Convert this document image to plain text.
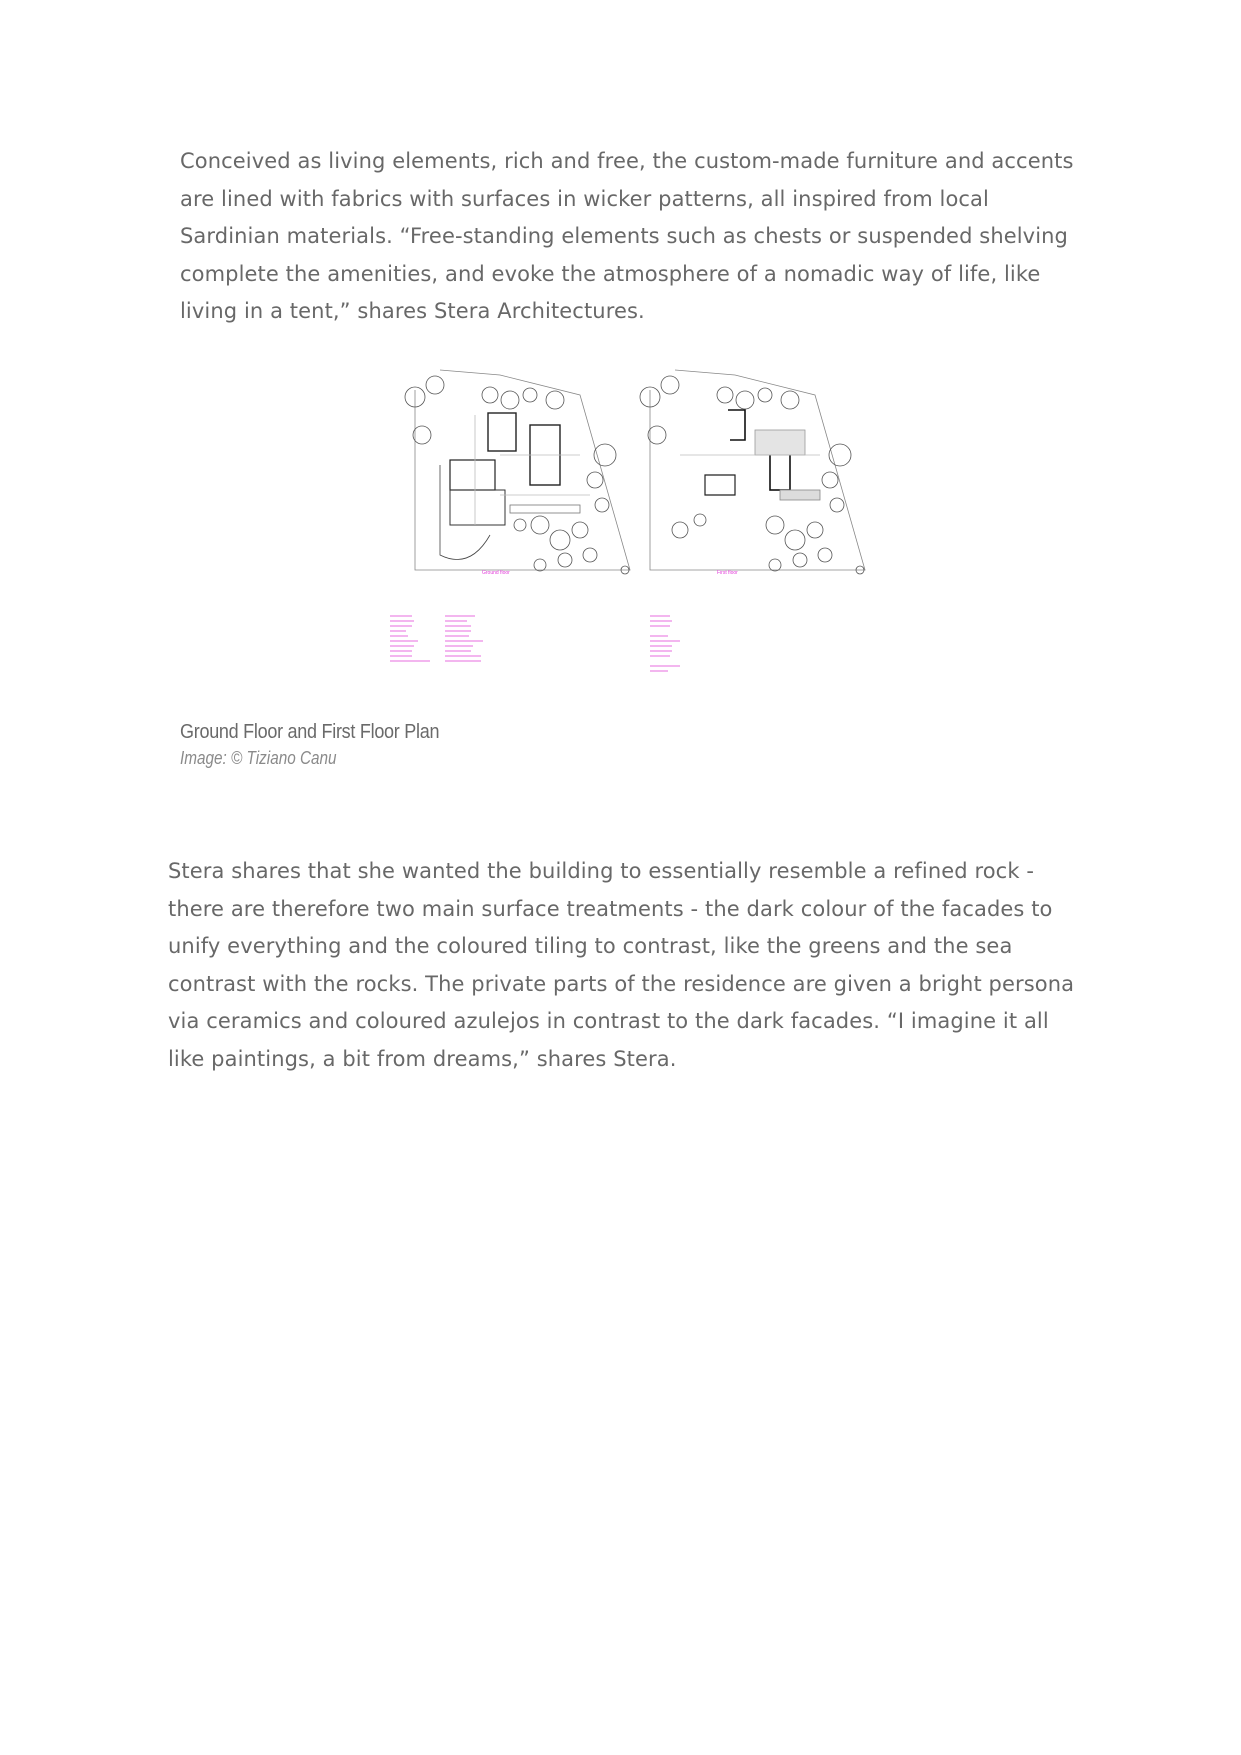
Conceived as living elements, rich and free, the custom-made furniture and accents are lined with fabrics with surfaces in wicker patterns, all inspired from local Sardinian materials. “Free-standing elements such as chests or suspended shelving complete the amenities, and evoke the atmosphere of a nomadic way of life, like living in a tent,” shares Stera Architectures.

Ground floor	First floor
Ground Floor and First Floor Plan
Image: © Tiziano Canu

Stera shares that she wanted the building to essentially resemble a refined rock - there are therefore two main surface treatments - the dark colour of the facades to unify everything and the coloured tiling to contrast, like the greens and the sea contrast with the rocks. The private parts of the residence are given a bright persona via ceramics and coloured azulejos in contrast to the dark facades. “I imagine it all like paintings, a bit from dreams,” shares Stera.
